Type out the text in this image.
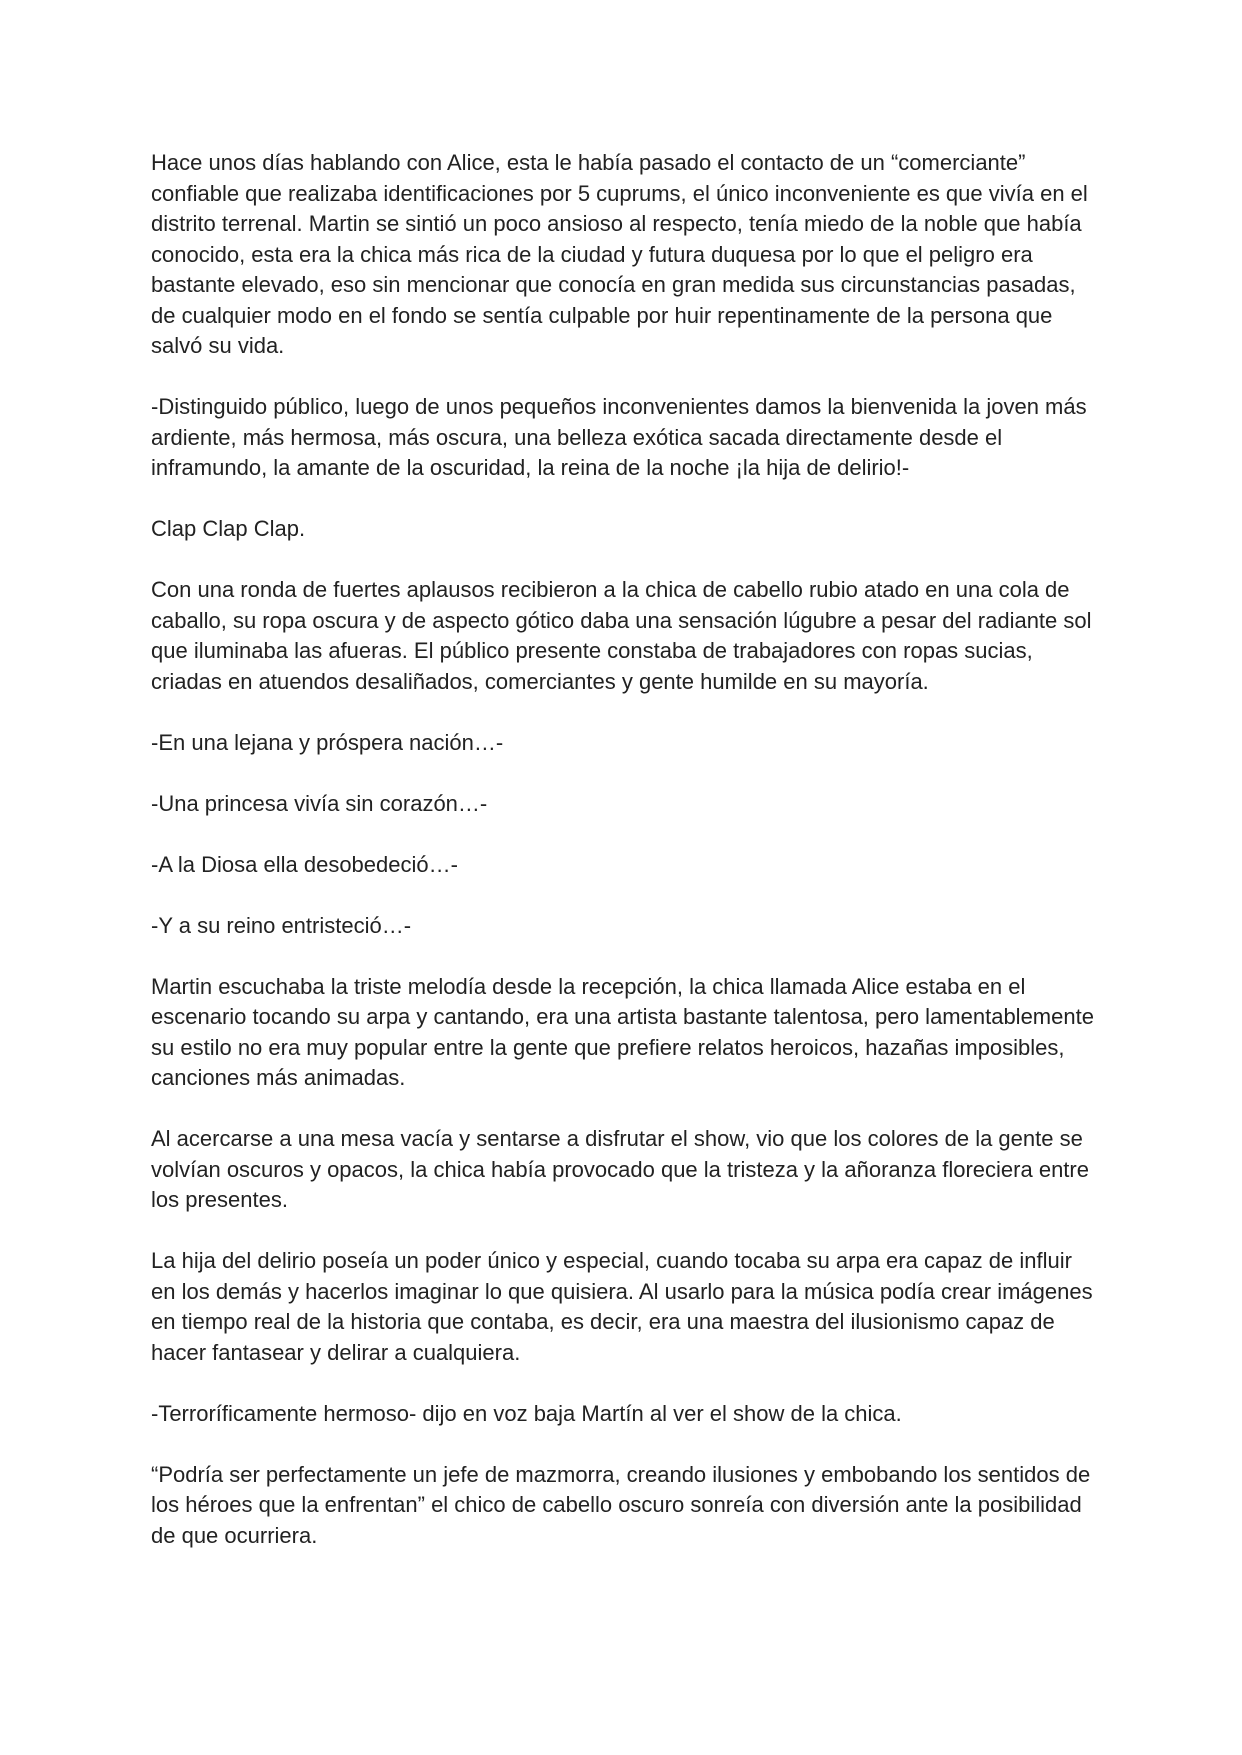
Hace unos días hablando con Alice, esta le había pasado el contacto de un “comerciante” confiable que realizaba identificaciones por 5 cuprums, el único inconveniente es que vivía en el distrito terrenal. Martin se sintió un poco ansioso al respecto, tenía miedo de la noble que había conocido, esta era la chica más rica de la ciudad y futura duquesa por lo que el peligro era bastante elevado, eso sin mencionar que conocía en gran medida sus circunstancias pasadas, de cualquier modo en el fondo se sentía culpable por huir repentinamente de la persona que salvó su vida.

-Distinguido público, luego de unos pequeños inconvenientes damos la bienvenida la joven más ardiente, más hermosa, más oscura, una belleza exótica sacada directamente desde el inframundo, la amante de la oscuridad, la reina de la noche ¡la hija de delirio!-

Clap Clap Clap.

Con una ronda de fuertes aplausos recibieron a la chica de cabello rubio atado en una cola de caballo, su ropa oscura y de aspecto gótico daba una sensación lúgubre a pesar del radiante sol que iluminaba las afueras. El público presente constaba de trabajadores con ropas sucias, criadas en atuendos desaliñados, comerciantes y gente humilde en su mayoría.

-En una lejana y próspera nación…-

-Una princesa vivía sin corazón…-

-A la Diosa ella desobedeció…-

-Y a su reino entristeció…-

Martin escuchaba la triste melodía desde la recepción, la chica llamada Alice estaba en el escenario tocando su arpa y cantando, era una artista bastante talentosa, pero lamentablemente su estilo no era muy popular entre la gente que prefiere relatos heroicos, hazañas imposibles, canciones más animadas.

Al acercarse a una mesa vacía y sentarse a disfrutar el show, vio que los colores de la gente se volvían oscuros y opacos, la chica había provocado que la tristeza y la añoranza floreciera entre los presentes.

La hija del delirio poseía un poder único y especial, cuando tocaba su arpa era capaz de influir en los demás y hacerlos imaginar lo que quisiera. Al usarlo para la música podía crear imágenes en tiempo real de la historia que contaba, es decir, era una maestra del ilusionismo capaz de hacer fantasear y delirar a cualquiera.

-Terroríficamente hermoso- dijo en voz baja Martín al ver el show de la chica.

“Podría ser perfectamente un jefe de mazmorra, creando ilusiones y embobando los sentidos de los héroes que la enfrentan” el chico de cabello oscuro sonreía con diversión ante la posibilidad de que ocurriera.
